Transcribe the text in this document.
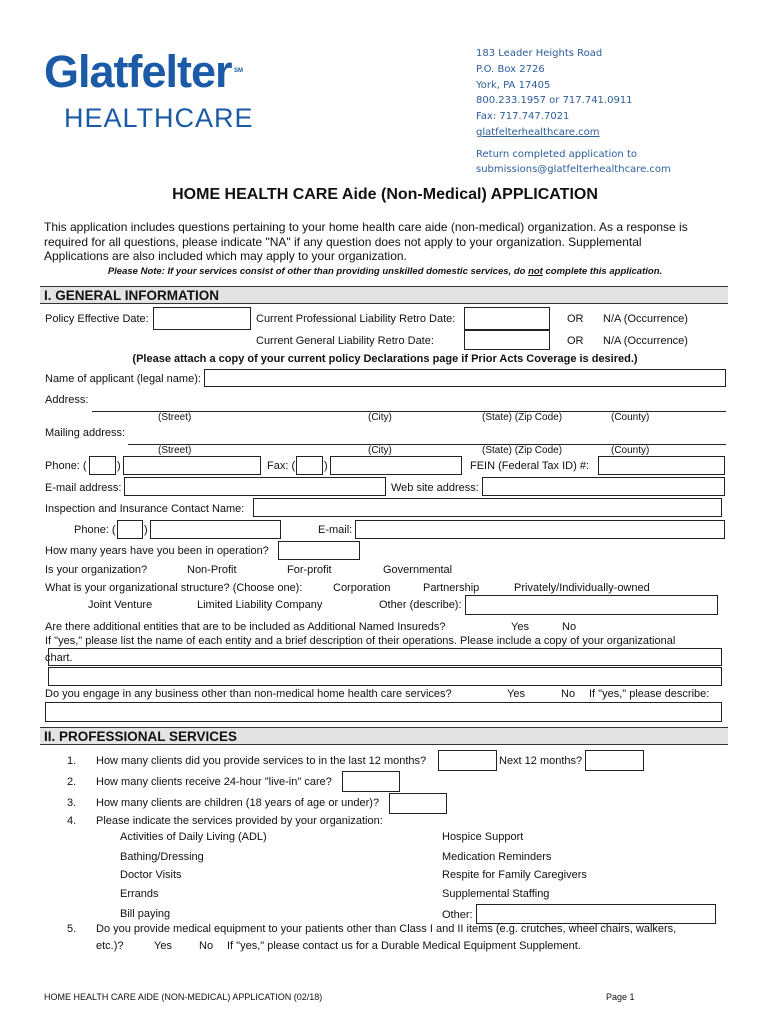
Glatfelter SM
HEALTHCARE
183 Leader Heights Road
P.O. Box 2726
York, PA 17405
800.233.1957 or 717.741.0911
Fax: 717.747.7021
glatfelterhealthcare.com
Return completed application to
submissions@glatfelterhealthcare.com
HOME HEALTH CARE Aide (Non-Medical) APPLICATION
This application includes questions pertaining to your home health care aide (non-medical) organization. As a response is
required for all questions, please indicate "NA" if any question does not apply to your organization. Supplemental
Applications are also included which may apply to your organization.
Please Note: If your services consist of other than providing unskilled domestic services, do not complete this application.
I. GENERAL INFORMATION
Policy Effective Date:	Current Professional Liability Retro Date:	OR N/A (Occurrence)
Current General Liability Retro Date:	OR N/A (Occurrence)
(Please attach a copy of your current policy Declarations page if Prior Acts Coverage is desired.)
Name of applicant (legal name):
Address:
(Street)	(City)	(State) (Zip Code)	(County)
Mailing address:
(Street)	(City)	(State) (Zip Code)	(County)
Phone: (	)	Fax: (	)	FEIN (Federal Tax ID) #:
E-mail address:	Web site address:
Inspection and Insurance Contact Name:
Phone: (	)	E-mail:
How many years have you been in operation?
Is your organization?	Non-Profit	For-profit	Governmental
What is your organizational structure? (Choose one):	Corporation	Partnership	Privately/Individually-owned
Joint Venture	Limited Liability Company	Other (describe):
Are there additional entities that are to be included as Additional Named Insureds?	Yes	No
If "yes," please list the name of each entity and a brief description of their operations. Please include a copy of your organizational
chart.
Do you engage in any business other than non-medical home health care services?	Yes	No If "yes," please describe:
II. PROFESSIONAL SERVICES
1. How many clients did you provide services to in the last 12 months?	Next 12 months?
2. How many clients receive 24-hour "live-in" care?
3. How many clients are children (18 years of age or under)?
4. Please indicate the services provided by your organization:
Activities of Daily Living (ADL)
Bathing/Dressing
Doctor Visits
Errands
Bill paying
Hospice Support
Medication Reminders
Respite for Family Caregivers
Supplemental Staffing
Other:
5. Do you provide medical equipment to your patients other than Class I and II items (e.g. crutches, wheel chairs, walkers,
etc.)?	Yes No If "yes," please contact us for a Durable Medical Equipment Supplement.
HOME HEALTH CARE AIDE (NON-MEDICAL) APPLICATION (02/18)	Page 1
